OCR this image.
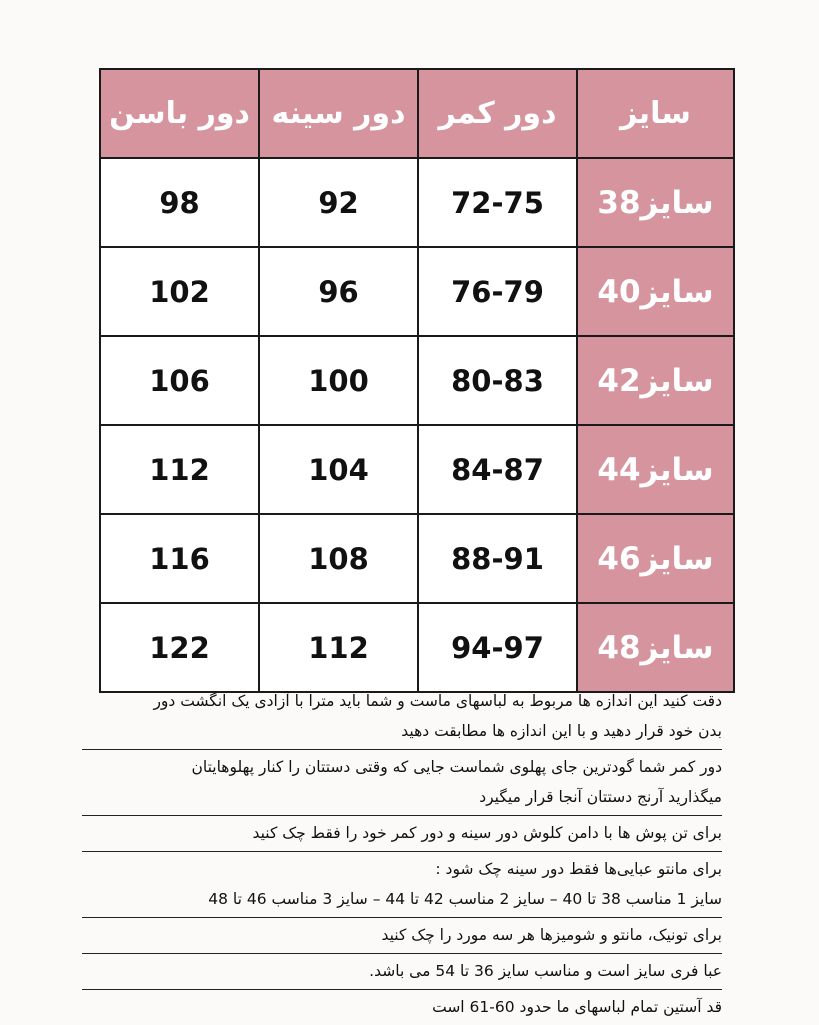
سایز	دور کمر	دور سینه	دور باسن
سایز38	72-75	92	98
سایز40	76-79	96	102
سایز42	80-83	100	106
سایز44	84-87	104	112
سایز46	88-91	108	116
سایز48	94-97	112	122
دقت کنید این اندازه ها مربوط به لباسهای ماست و شما باید مترا با آزادی یک انگشت دور
بدن خود قرار دهید و با این اندازه ها مطابقت دهید
دور کمر شما گودترین جای پهلوی شماست جایی که وقتی دستتان را کنار پهلوهایتان
میگذارید آرنج دستتان آنجا قرار میگیرد
برای تن پوش ها با دامن کلوش دور سینه و دور کمر خود را فقط چک کنید
برای مانتو عبایی‌ها فقط دور سینه چک شود :
سایز 1 مناسب 38 تا 40 – سایز 2 مناسب 42 تا 44 – سایز 3 مناسب 46 تا 48
برای تونیک، مانتو و شومیزها هر سه مورد را چک کنید
عبا فری سایز است و مناسب سایز 36 تا 54 می باشد.
قد آستین تمام لباسهای ما حدود 60-61 است
